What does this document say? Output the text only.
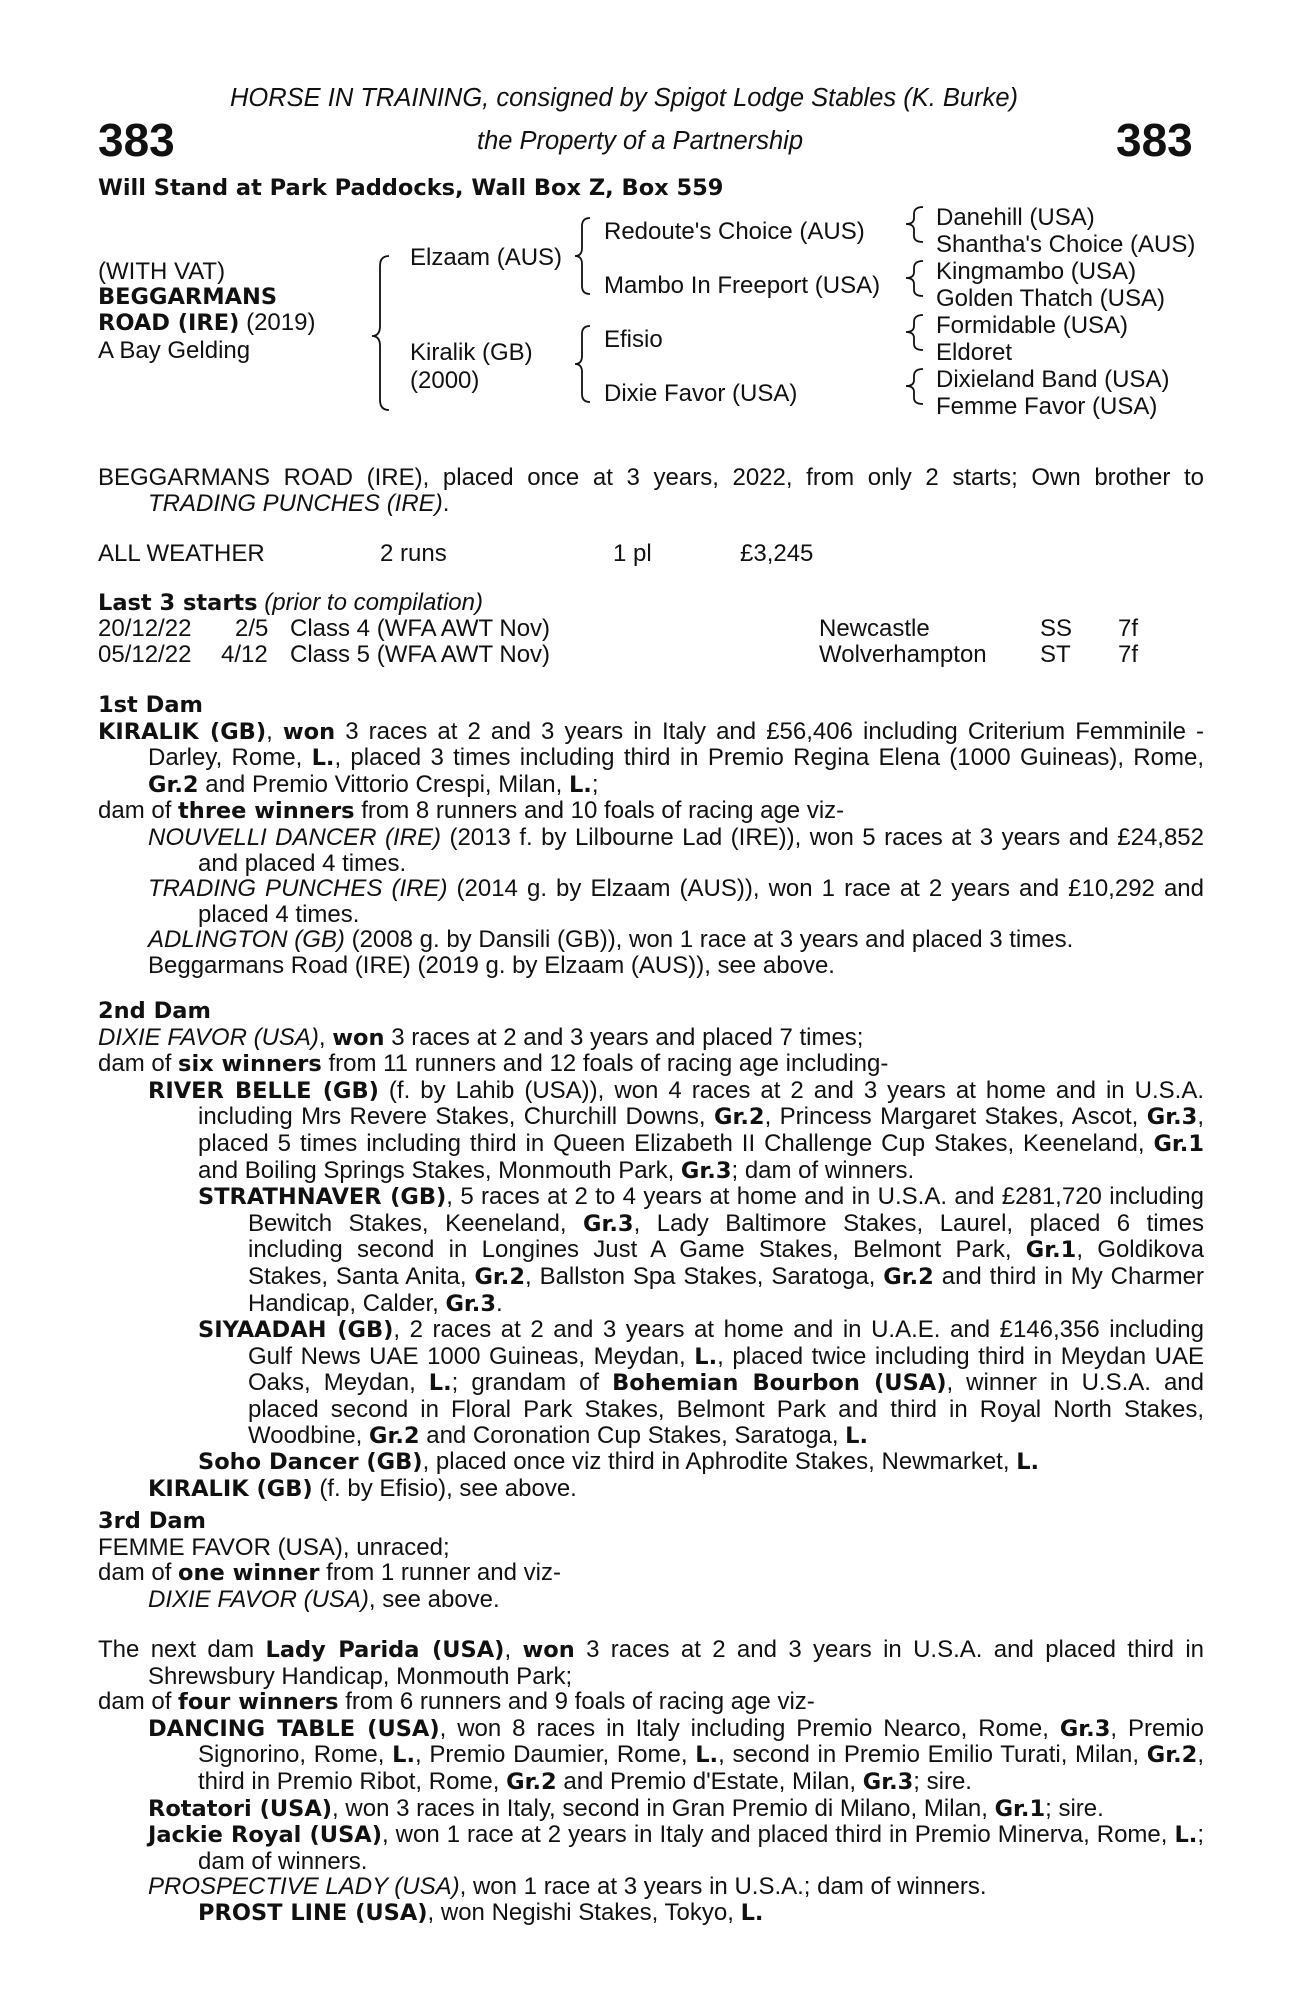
383	383
HORSE IN TRAINING, consigned by Spigot Lodge Stables (K. Burke)
the Property of a Partnership
Will Stand at Park Paddocks, Wall Box Z, Box 559
(WITH VAT)
BEGGARMANS
ROAD (IRE) (2019)
A Bay Gelding
Elzaam (AUS)
Kiralik (GB)
(2000)
Redoute's Choice (AUS)
Mambo In Freeport (USA)
Efisio
Dixie Favor (USA)
Danehill (USA)
Shantha's Choice (AUS)
Kingmambo (USA)
Golden Thatch (USA)
Formidable (USA)
Eldoret
Dixieland Band (USA)
Femme Favor (USA)

BEGGARMANS ROAD (IRE), placed once at 3 years, 2022, from only 2 starts; Own brother to TRADING PUNCHES (IRE).

ALL WEATHER	2 runs	1 pl	£3,245
Last 3 starts (prior to compilation)
20/12/22 2/5 Class 4 (WFA AWT Nov)	Newcastle	SS 7f
05/12/22 4/12 Class 5 (WFA AWT Nov)	Wolverhampton ST 7f

1st Dam

KIRALIK (GB), won 3 races at 2 and 3 years in Italy and £56,406 including Criterium Femminile - Darley, Rome, L., placed 3 times including third in Premio Regina Elena (1000 Guineas), Rome, Gr.2 and Premio Vittorio Crespi, Milan, L.;

dam of three winners from 8 runners and 10 foals of racing age viz-

NOUVELLI DANCER (IRE) (2013 f. by Lilbourne Lad (IRE)), won 5 races at 3 years and £24,852 and placed 4 times.

TRADING PUNCHES (IRE) (2014 g. by Elzaam (AUS)), won 1 race at 2 years and £10,292 and placed 4 times.

ADLINGTON (GB) (2008 g. by Dansili (GB)), won 1 race at 3 years and placed 3 times.

Beggarmans Road (IRE) (2019 g. by Elzaam (AUS)), see above.

2nd Dam

DIXIE FAVOR (USA), won 3 races at 2 and 3 years and placed 7 times;

dam of six winners from 11 runners and 12 foals of racing age including-

RIVER BELLE (GB) (f. by Lahib (USA)), won 4 races at 2 and 3 years at home and in U.S.A. including Mrs Revere Stakes, Churchill Downs, Gr.2, Princess Margaret Stakes, Ascot, Gr.3, placed 5 times including third in Queen Elizabeth II Challenge Cup Stakes, Keeneland, Gr.1 and Boiling Springs Stakes, Monmouth Park, Gr.3; dam of winners.

STRATHNAVER (GB), 5 races at 2 to 4 years at home and in U.S.A. and £281,720 including Bewitch Stakes, Keeneland, Gr.3, Lady Baltimore Stakes, Laurel, placed 6 times including second in Longines Just A Game Stakes, Belmont Park, Gr.1, Goldikova Stakes, Santa Anita, Gr.2, Ballston Spa Stakes, Saratoga, Gr.2 and third in My Charmer Handicap, Calder, Gr.3.

SIYAADAH (GB), 2 races at 2 and 3 years at home and in U.A.E. and £146,356 including Gulf News UAE 1000 Guineas, Meydan, L., placed twice including third in Meydan UAE Oaks, Meydan, L.; grandam of Bohemian Bourbon (USA), winner in U.S.A. and placed second in Floral Park Stakes, Belmont Park and third in Royal North Stakes, Woodbine, Gr.2 and Coronation Cup Stakes, Saratoga, L.

Soho Dancer (GB), placed once viz third in Aphrodite Stakes, Newmarket, L.

KIRALIK (GB) (f. by Efisio), see above.

3rd Dam

FEMME FAVOR (USA), unraced;

dam of one winner from 1 runner and viz-

DIXIE FAVOR (USA), see above.

The next dam Lady Parida (USA), won 3 races at 2 and 3 years in U.S.A. and placed third in Shrewsbury Handicap, Monmouth Park;

dam of four winners from 6 runners and 9 foals of racing age viz-

DANCING TABLE (USA), won 8 races in Italy including Premio Nearco, Rome, Gr.3, Premio Signorino, Rome, L., Premio Daumier, Rome, L., second in Premio Emilio Turati, Milan, Gr.2, third in Premio Ribot, Rome, Gr.2 and Premio d'Estate, Milan, Gr.3; sire.

Rotatori (USA), won 3 races in Italy, second in Gran Premio di Milano, Milan, Gr.1; sire.

Jackie Royal (USA), won 1 race at 2 years in Italy and placed third in Premio Minerva, Rome, L.; dam of winners.

PROSPECTIVE LADY (USA), won 1 race at 3 years in U.S.A.; dam of winners.

PROST LINE (USA), won Negishi Stakes, Tokyo, L.
